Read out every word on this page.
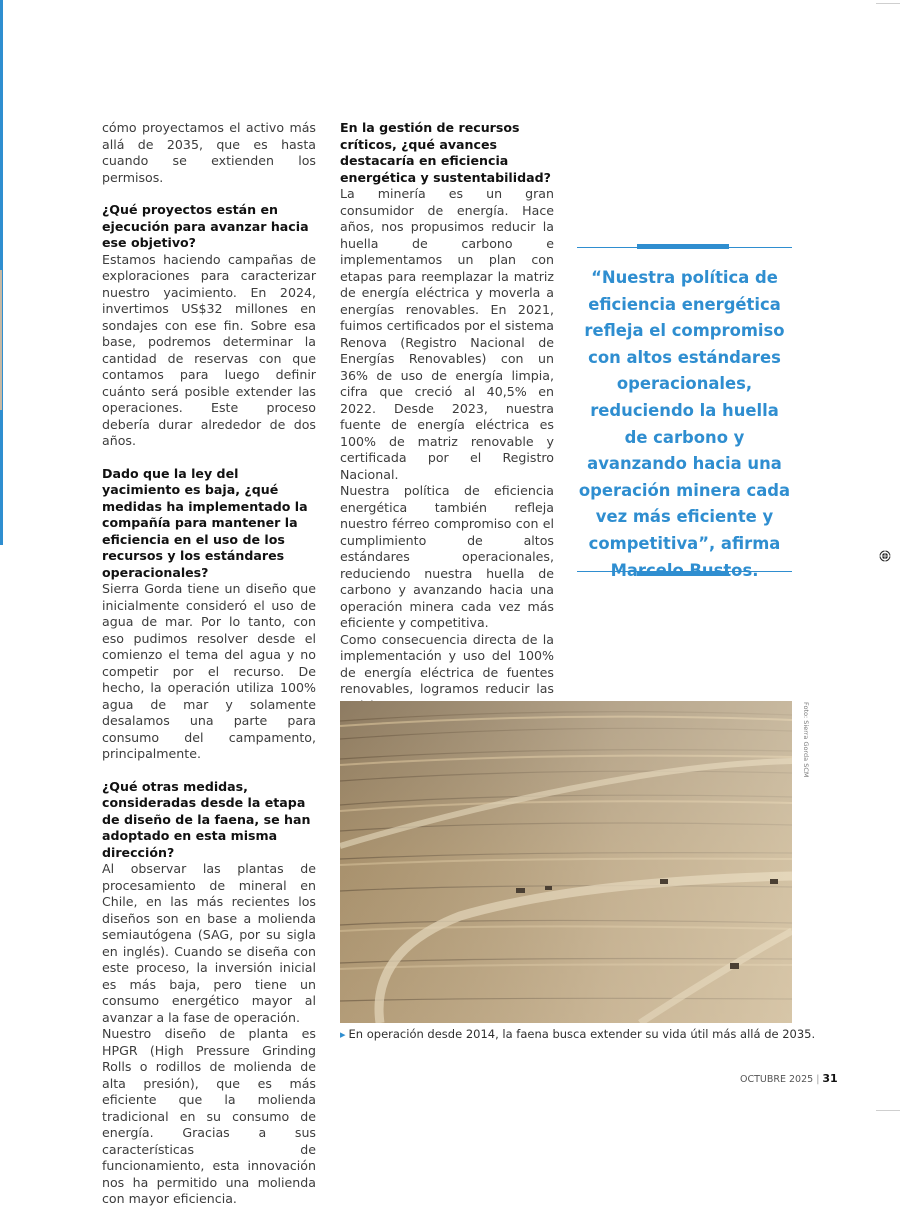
cómo proyectamos el activo más allá de 2035, que es hasta cuando se extienden los permisos.

¿Qué proyectos están en ejecución para avanzar hacia ese objetivo?

Estamos haciendo campañas de exploraciones para caracterizar nuestro yacimiento. En 2024, invertimos US$32 millones en sondajes con ese fin. Sobre esa base, podremos determinar la cantidad de reservas con que contamos para luego definir cuánto será posible extender las operaciones. Este proceso debería durar alrededor de dos años.

Dado que la ley del yacimiento es baja, ¿qué medidas ha implementado la compañía para mantener la eficiencia en el uso de los recursos y los estándares operacionales?

Sierra Gorda tiene un diseño que inicialmente consideró el uso de agua de mar. Por lo tanto, con eso pudimos resolver desde el comienzo el tema del agua y no competir por el recurso. De hecho, la operación utiliza 100% agua de mar y solamente desalamos una parte para consumo del campamento, principalmente.

¿Qué otras medidas, consideradas desde la etapa de diseño de la faena, se han adoptado en esta misma dirección?

Al observar las plantas de procesamiento de mineral en Chile, en las más recientes los diseños son en base a molienda semiautógena (SAG, por su sigla en inglés). Cuando se diseña con este proceso, la inversión inicial es más baja, pero tiene un consumo energético mayor al avanzar a la fase de operación.

Nuestro diseño de planta es HPGR (High Pressure Grinding Rolls o rodillos de molienda de alta presión), que es más eficiente que la molienda tradicional en su consumo de energía. Gracias a sus características de funcionamiento, esta innovación nos ha permitido una molienda con mayor eficiencia.

En la gestión de recursos críticos, ¿qué avances destacaría en eficiencia energética y sustentabilidad?

La minería es un gran consumidor de energía. Hace años, nos propusimos reducir la huella de carbono e implementamos un plan con etapas para reemplazar la matriz de energía eléctrica y moverla a energías renovables. En 2021, fuimos certificados por el sistema Renova (Registro Nacional de Energías Renovables) con un 36% de uso de energía limpia, cifra que creció al 40,5% en 2022. Desde 2023, nuestra fuente de energía eléctrica es 100% de matriz renovable y certificada por el Registro Nacional.

Nuestra política de eficiencia energética también refleja nuestro férreo compromiso con el cumplimiento de altos estándares operacionales, reduciendo nuestra huella de carbono y avanzando hacia una operación minera cada vez más eficiente y competitiva.

Como consecuencia directa de la implementación y uso del 100% de energía eléctrica de fuentes renovables, logramos reducir las

“Nuestra política de eficiencia energética refleja el compromiso con altos estándares operacionales, reduciendo la huella de carbono y avanzando hacia una operación minera cada vez más eficiente y competitiva”, afirma
Foto: Sierra Gorda SCM
▸ En operación desde 2014, la faena busca extender su vida útil más allá de 2035.
OCTUBRE 2025 | 31
